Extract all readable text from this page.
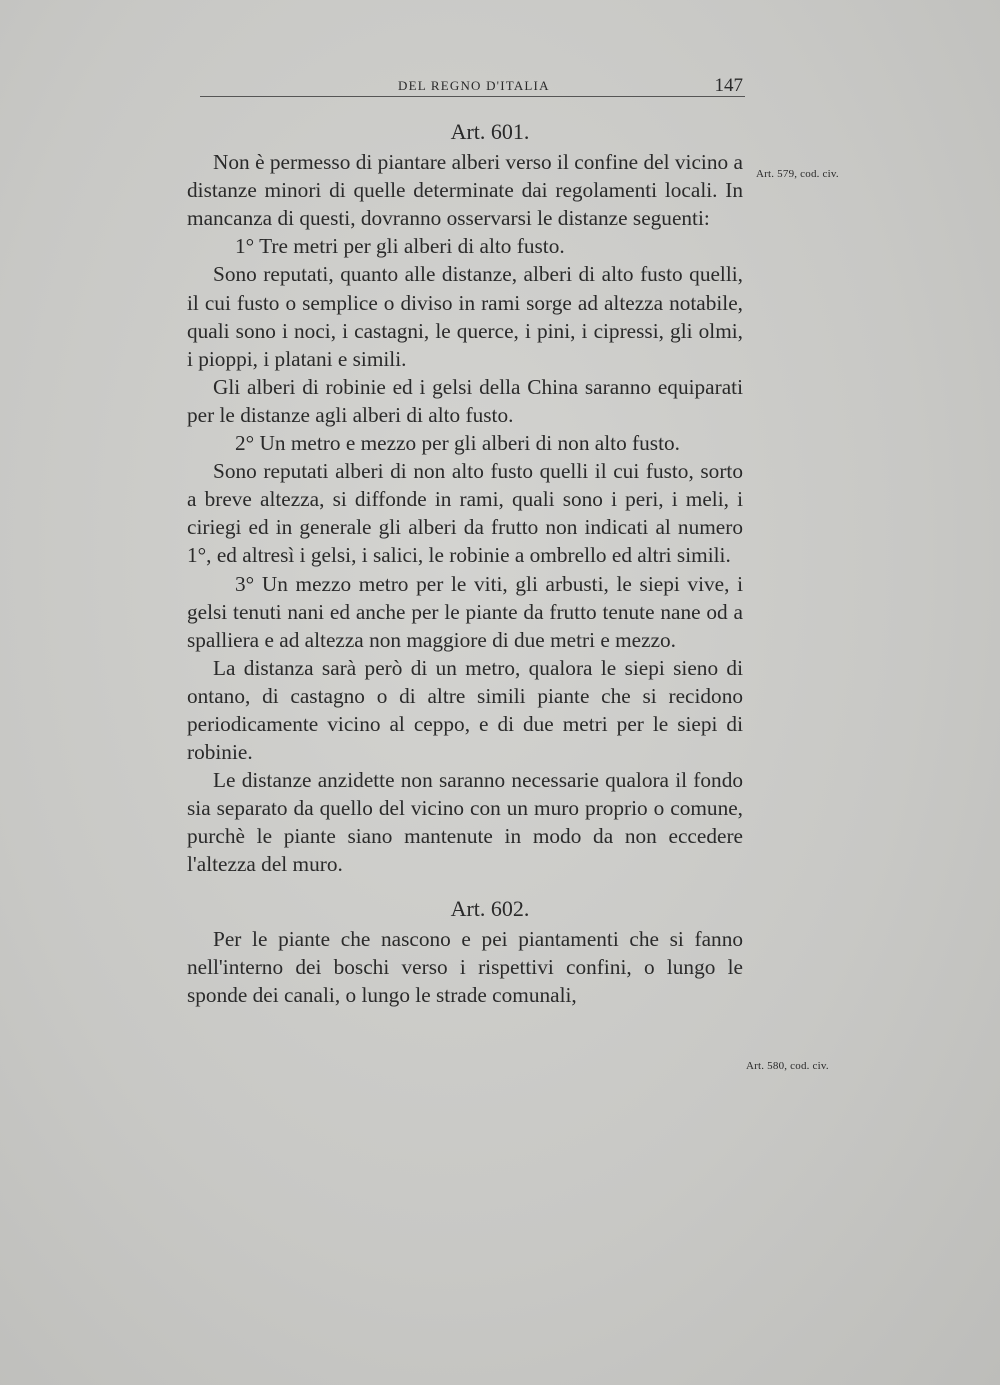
DEL REGNO D'ITALIA	147
Art. 601.

Non è permesso di piantare alberi verso il confine del vicino a distanze minori di quelle determinate dai regolamenti locali. In mancanza di questi, dovranno osservarsi le distanze seguenti:

1° Tre metri per gli alberi di alto fusto.

Sono reputati, quanto alle distanze, alberi di alto fusto quelli, il cui fusto o semplice o diviso in rami sorge ad altezza notabile, quali sono i noci, i castagni, le querce, i pini, i cipressi, gli olmi, i pioppi, i platani e simili.

Gli alberi di robinie ed i gelsi della China saranno equiparati per le distanze agli alberi di alto fusto.

2° Un metro e mezzo per gli alberi di non alto fusto.

Sono reputati alberi di non alto fusto quelli il cui fusto, sorto a breve altezza, si diffonde in rami, quali sono i peri, i meli, i ciriegi ed in generale gli alberi da frutto non indicati al numero 1°, ed altresì i gelsi, i salici, le robinie a ombrello ed altri simili.

3° Un mezzo metro per le viti, gli arbusti, le siepi vive, i gelsi tenuti nani ed anche per le piante da frutto tenute nane od a spalliera e ad altezza non maggiore di due metri e mezzo.

La distanza sarà però di un metro, qualora le siepi sieno di ontano, di castagno o di altre simili piante che si recidono periodicamente vicino al ceppo, e di due metri per le siepi di robinie.

Le distanze anzidette non saranno necessarie qualora il fondo sia separato da quello del vicino con un muro proprio o comune, purchè le piante siano mantenute in modo da non eccedere l'altezza del muro.

Art. 602.

Per le piante che nascono e pei piantamenti che si fanno nell'interno dei boschi verso i rispettivi confini, o lungo le sponde dei canali, o lungo le strade comunali,

Art. 579, cod. civ.
Art. 580, cod. civ.
